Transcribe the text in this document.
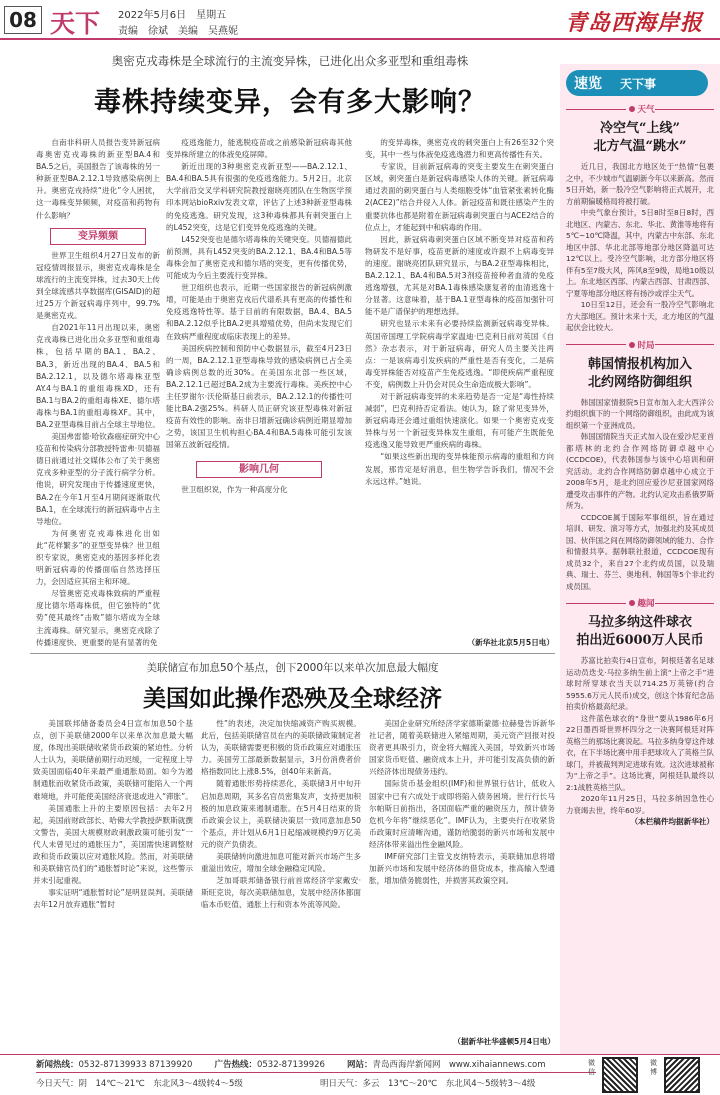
08 天下 2022年5月6日　星期五
责编　徐斌　美编　吴燕妮	青岛西海岸报
奥密克戎毒株是全球流行的主流变异株，已进化出众多亚型和重组毒株
毒株持续变异，会有多大影响？

自南非科研人员报告变异新冠病毒奥密克戎毒株的新亚型BA.4和BA.5之后，美国报告了该毒株的另一种新亚型BA.2.12.1导致感染病例上升。奥密克戎持续“进化”令人困扰，这一毒株变异频频，对疫苗和药物有什么影响？

变异频频

世界卫生组织4月27日发布的新冠疫情周报显示，奥密克戎毒株是全球流行的主流变异株，过去30天上传到全球流感共享数据库(GISAID)的超过25万个新冠病毒序列中，99.7%是奥密克戎。

自2021年11月出现以来，奥密克戎毒株已进化出众多亚型和重组毒株，包括早期的BA.1、BA.2、BA.3，新近出现的BA.4、BA.5和BA.2.12.1，以及德尔塔毒株亚型AY.4与BA.1的重组毒株XD，还有BA.1与BA.2的重组毒株XE、德尔塔毒株与BA.1的重组毒株XF。其中，BA.2亚型毒株目前占全球主导地位。

美国弗雷德·哈钦森癌症研究中心疫苗和传染病分部教授特雷弗·贝德福德日前通过社交媒体公布了关于奥密克戎多种亚型的分子流行病学分析。他说，研究发现由于传播速度更快，BA.2在今年1月至4月期间逐渐取代BA.1，在全球流行的新冠病毒中占主导地位。

为何奥密克戎毒株进化出如此“花样繁多”的亚型变异株？世卫组织专家说，奥密克戎的基因多样化表明新冠病毒的传播面临自然选择压力，会因适应其宿主和环境。

尽管奥密克戎毒株致病的严重程度比德尔塔毒株低，但它独特的“优势”使其最终“击败”德尔塔成为全球主流毒株。研究显示，奥密克戎除了传播速度快、更重要的是有显著的免

疫逃逸能力，能逃脱疫苗或之前感染新冠病毒其他变异株所建立的体液免疫屏障。

新近出现的3种奥密克戎新亚型——BA.2.12.1、BA.4和BA.5具有很强的免疫逃逸能力。5月2日，北京大学前沿交叉学科研究院教授谢晓亮团队在生物医学预印本网站bioRxiv发表文章，评估了上述3种新亚型毒株的免疫逃逸。研究发现，这3种毒株都具有刺突蛋白上的L452突变，这是它们变异免疫逃逸的关键。

L452突变也是德尔塔毒株的关键突变。贝德福德此前预测，具有L452突变的BA.2.12.1、BA.4和BA.5等毒株会加了奥密克戎和德尔塔的突变，更有传播优势，可能成为今后主要流行变异株。

世卫组织也表示，近期一些国家报告的新冠病例激增，可能是由于奥密克戎后代谱系具有更高的传播性和免疫逃逸特性等。基于目前的有限数据，BA.4、BA.5和BA.2.12似乎比BA.2更具增殖优势，但尚未发现它们在致病严重程度或临床表现上的差异。

美国疾病控制和预防中心数据显示，截至4月23日的一周，BA.2.12.1亚型毒株导致的感染病例已占全美确诊病例总数的近30%。在美国东北部一些区域，BA.2.12.1已超过BA.2成为主要流行毒株。美疾控中心主任罗谢尔·沃伦斯基日前表示，BA.2.12.1的传播性可能比BA.2强25%。科研人员正研究该亚型毒株对新冠疫苗有效性的影响。南非日增新冠确诊病例近期显增加之势，该国卫生机构担心BA.4和BA.5毒株可能引发该国第五波新冠疫情。

影响几何

世卫组织说，作为一种高度分化

的变异毒株，奥密克戎的刺突蛋白上有26至32个突变，其中一些与体液免疫逃逸潜力和更高传播性有关。

专家说，目前新冠病毒的突变主要发生在刺突蛋白区域，刺突蛋白是新冠病毒感染人体的关键。新冠病毒通过表面的刺突蛋白与人类细胞受体“血管紧张素转化酶2(ACE2)”结合并侵入人体。新冠疫苗和既往感染产生的重要抗体也都是附着在新冠病毒刺突蛋白与ACE2结合的位点上，才能起到中和病毒的作用。

因此，新冠病毒刺突蛋白区域不断变异对疫苗和药物研发不是好事，疫苗更新的速度或许跟不上病毒变异的速度。谢晓亮团队研究显示，与BA.2亚型毒株相比，BA.2.12.1、BA.4和BA.5对3剂疫苗接种者血清的免疫逃逸增强，尤其是对BA.1毒株感染康复者的血清逃逸十分显著。这意味着，基于BA.1亚型毒株的疫苗加强针可能不是广谱保护的理想选择。

研究也显示未来有必要持续监测新冠病毒变异株。英国帝国理工学院病毒学家温迪·巴克利日前对英国《自然》杂志表示，对于新冠病毒，研究人员主要关注两点：一是该病毒引发疾病的严重性是否有变化，二是病毒变异株能否对疫苗产生免疫逃逸。“即使疾病严重程度不变，病例数上升仍会对民众生命造成极大影响”。

对于新冠病毒变异的未来趋势是否一定是“毒性持续减弱”，巴克利持否定看法。她认为，除了常见变异外，新冠病毒还会通过重组快速演化。如果一个奥密克戎变异株与另一个新冠变异株发生重组，有可能产生既能免疫逃逸又能导致更严重疾病的毒株。

“如果这些新出现的变异株能预示病毒的重组和方向发展，那肯定是好消息，但生物学告诉我们，情况不会永远这样。”她说。

（新华社北京5月5日电）
美联储宣布加息50个基点，创下2000年以来单次加息最大幅度
美国如此操作恐殃及全球经济

美国联邦储备委员会4日宣布加息50个基点，创下美联储2000年以来单次加息最大幅度，体现出美联储收紧货币政策的紧迫性。分析人士认为，美联储前期行动迟缓，一定程度上导致美国面临40年来最严重通胀局面。如今为遏制通胀而收紧货币政策，美联储可能陷入一个两难境地，并可能使美国经济衰退或进入“滞胀”。

美国通胀上升的主要原因包括：去年2月起，美国前财政部长、哈佛大学教授萨默斯就撰文警告，美国大规模财政刺激政策可能引发“一代人未曾见过的通胀压力”，美国需快速调整财政和货币政策以应对通胀风险。然而，对美联储和美联储官员们的“通胀暂时论”来说，这些警示并未引起重视。

事实证明“通胀暂时论”是明显误判。美联储去年12月放弃通胀“暂时

性”的表述，决定加快缩减资产购买规模。此后，包括美联储官员在内的美联储政策制定者认为，美联储需要更积极的货币政策应对通胀压力。美国劳工部最新数据显示，3月份消费者价格指数同比上涨8.5%，创40年来新高。

随着通胀形势持续恶化，美联储3月中旬开启加息周期，其多名官员密集发声，支持更加积极的加息政策来遏制通胀。在5月4日结束的货币政策会议上，美联储决策层一致同意加息50个基点，并计划从6月1日起缩减规模约9万亿美元的资产负债表。

美联储转向激进加息可能对新兴市场产生多重溢出效应，增加全球金融稳定风险。

芝加哥联邦储备银行前首席经济学家戴安·斯旺克说，每次美联储加息，发展中经济体都面临本币贬值、通胀上行和资本外流等风险。

美国企业研究所经济学家德斯蒙德·拉赫曼告诉新华社记者，随着美联储进入紧缩周期，美元资产回报对投资者更具吸引力，资金将大幅流入美国，导致新兴市场国家货币贬值、融资成本上升，并可能引发高负债的新兴经济体出现债务违约。

国际货币基金组织(IMF)和世界银行估计，低收入国家中已有六成处于或即将陷入债务困境。世行行长马尔帕斯日前指出，各国面临严重的融资压力，预计债务危机今年将“继续恶化”。IMF认为，主要央行在收紧货币政策时应清晰沟通，谨防给脆弱的新兴市场和发展中经济体带来溢出性金融风险。

IMF研究部门主管戈皮纳特表示，美联储加息将增加新兴市场和发展中经济体的借贷成本，推高输入型通胀，增加债务脆弱性，并损害其政策空间。

（据新华社华盛顿5月4日电）
速览 天下事
天气
冷空气“上线”
北方气温“跳水”

近几日，我国北方地区处于“热情”包裹之中，不少城市气温刷新今年以来新高。然而5日开始，新一股冷空气影响将正式展开，北方前期偏暖格局将被打破。

中央气象台预计，5日8时至8日8时，西北地区、内蒙古、东北、华北、黄淮等地将有5℃~10℃降温，其中，内蒙古中东部、东北地区中部、华北北部等地部分地区降温可达12℃以上。受冷空气影响，北方部分地区将伴有5至7级大风，阵风8至9级，局地10级以上。东北地区西部、内蒙古西部、甘肃西部、宁夏等地部分地区将有扬沙或浮尘天气。

10日至12日，还会有一股冷空气影响北方大部地区。预计未来十天，北方地区的气温起伏会比较大。

时局
韩国情报机构加入
北约网络防御组织

韩国国家情报院5日宣布加入北大西洋公约组织旗下的一个网络防御组织，由此成为该组织第一个亚洲成员。

韩国国情院当天正式加入设在爱沙尼亚首都塔林的北约合作网络防御卓越中心(CCDCOE)，代表韩国参与该中心培训和研究活动。北约合作网络防御卓越中心成立于2008年5月，是北约回应爱沙尼亚国家网络遭受攻击事件的产物。北约认定攻击系俄罗斯所为。

CCDCOE属于国际军事组织，旨在通过培训、研发、演习等方式，加强北约及其成员国、伙伴国之间在网络防御领域的能力、合作和情报共享。据韩联社报道，CCDCOE现有成员32个，来自27个北约成员国，以及瑞典、瑞士、芬兰、奥地利、韩国等5个非北约成员国。

趣闻
马拉多纳这件球衣
拍出近6000万人民币

苏富比拍卖行4日宣布，阿根廷著名足球运动员迭戈·马拉多纳生前上演“上帝之手”进球时所穿球衣当天以714.25万英镑(约合5955.6万元人民币)成交，创这个体育纪念品拍卖价格最高纪录。

这件蓝色球衣的“身世”要从1986年6月22日墨西哥世界杯四分之一决赛阿根廷对阵英格兰的那场比赛说起。马拉多纳身穿这件球衣，在下半场比赛中用手把球攻入了英格兰队球门，并被裁判判定进球有效。这次进球被称为“上帝之手”。这场比赛，阿根廷队最终以2:1战胜英格兰队。

2020年11月25日，马拉多纳因急性心力衰竭去世，终年60岁。

（本栏稿件均据新华社）
新闻热线：0532-87139933 87139920	广告热线：0532-87139926	网站：青岛西海岸新闻网　www.xihaiannews.com
今日天气：阴　14℃～21℃　东北风3～4级转4～5级	明日天气：多云　13℃～20℃　东北风4～5级转3～4级
微信
微博
